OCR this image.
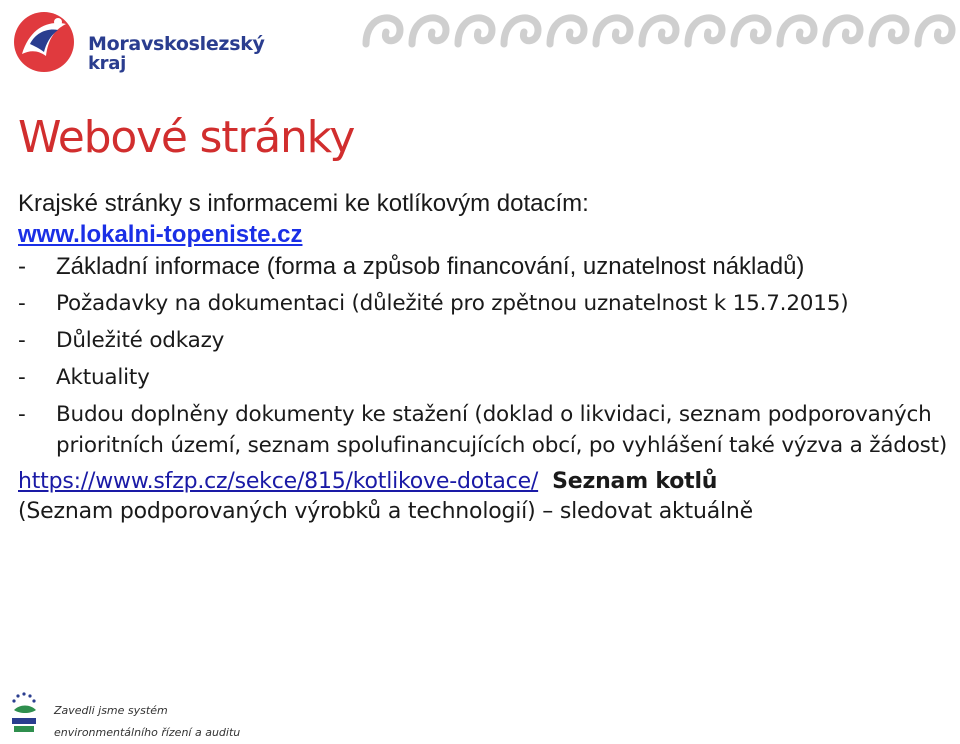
Moravskoslezský
kraj
Webové stránky

Krajské stránky s informacemi ke kotlíkovým dotacím:

www.lokalni-topeniste.cz
- Základní informace (forma a způsob financování, uznatelnost nákladů)
- Požadavky na dokumentaci (důležité pro zpětnou uznatelnost k 15.7.2015)
- Důležité odkazy
- Aktuality
- Budou doplněny dokumenty ke stažení (doklad o likvidaci, seznam podporovaných prioritních území, seznam spolufinancujících obcí, po vyhlášení také výzva a žádost)
https://www.sfzp.cz/sekce/815/kotlikove-dotace/ Seznam kotlů
(Seznam podporovaných výrobků a technologií) – sledovat aktuálně
Zavedli jsme systém
environmentálního řízení a auditu
